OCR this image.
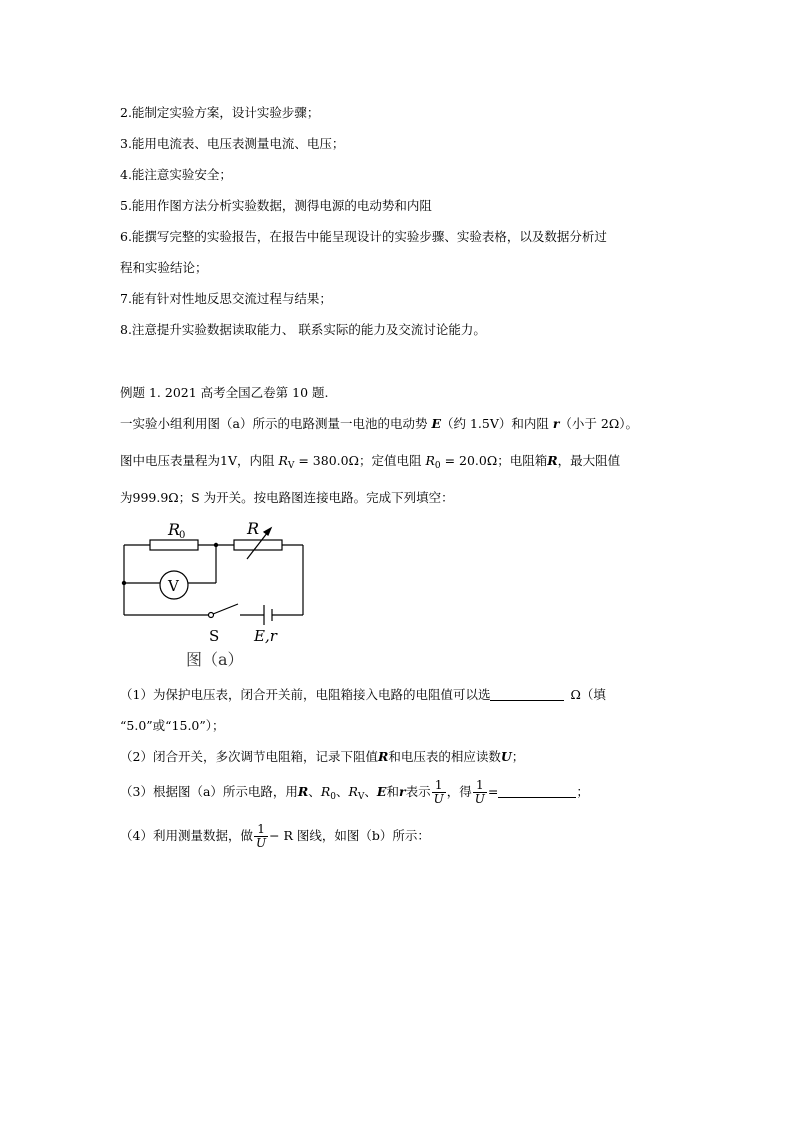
2.能制定实验方案，设计实验步骤；
3.能用电流表、电压表测量电流、电压；
4.能注意实验安全；
5.能用作图方法分析实验数据，测得电源的电动势和内阻
6.能撰写完整的实验报告，在报告中能呈现设计的实验步骤、实验表格，以及数据分析过
程和实验结论；
7.能有针对性地反思交流过程与结果；
8.注意提升实验数据读取能力、 联系实际的能力及交流讨论能力。
例题 1. 2021 高考全国乙卷第 10 题.
一实验小组利用图（a）所示的电路测量一电池的电动势 E（约 1.5V）和内阻 r（小于 2Ω）。
图中电压表量程为1V，内阻 $R_V = 380.0\Omega$；定值电阻 $R_0 = 20.0\Omega$；电阻箱R，最大阻值
为999.9Ω；S 为开关。按电路图连接电路。完成下列填空：
R
0	R
V
S E,r
图（a）
（1）为保护电压表，闭合开关前，电阻箱接入电路的电阻值可以选	Ω（填
“5.0”或“15.0”）；
（2）闭合开关，多次调节电阻箱，记录下阻值R和电压表的相应读数U；
（3）根据图（a）所示电路，用R、$R_0$、$R_V$、E和r表示 $\frac{1}{U}$ ，得 $\frac{1}{U}$ =	；
（4）利用测量数据，做 $\frac{1}{U} - R$ 图线，如图（b）所示：
